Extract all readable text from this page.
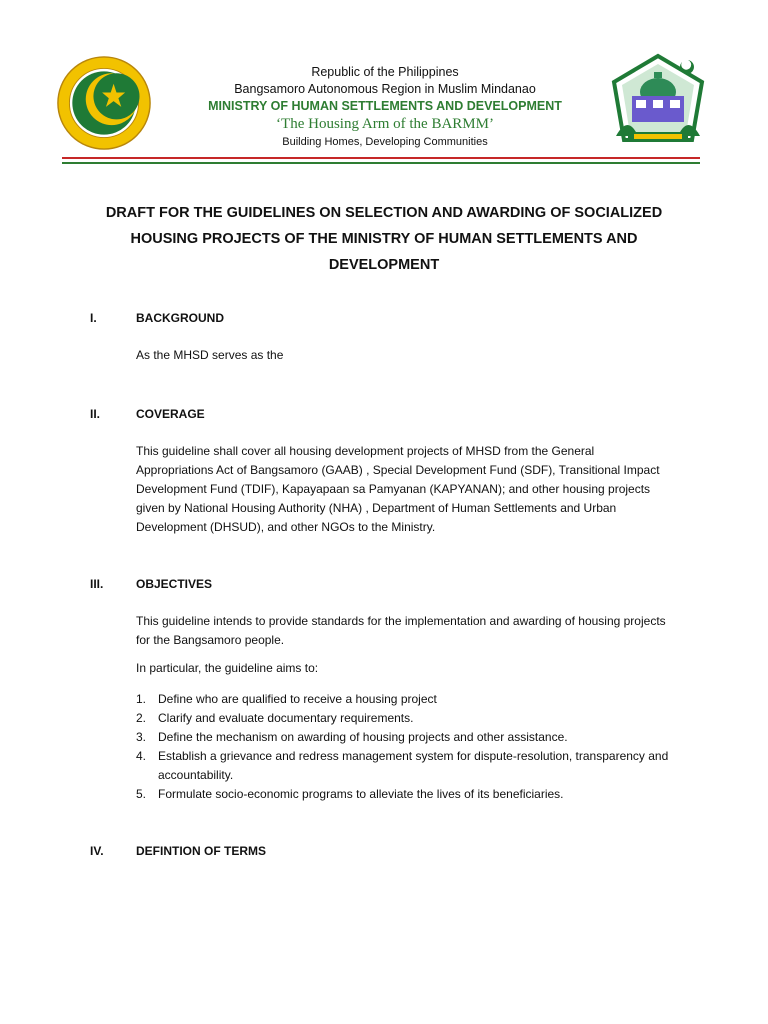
Republic of the Philippines

Bangsamoro Autonomous Region in Muslim Mindanao

MINISTRY OF HUMAN SETTLEMENTS AND DEVELOPMENT

‘The Housing Arm of the BARMM’

Building Homes, Developing Communities

DRAFT FOR THE GUIDELINES ON SELECTION AND AWARDING OF SOCIALIZED HOUSING PROJECTS OF THE MINISTRY OF HUMAN SETTLEMENTS AND DEVELOPMENT
I.	BACKGROUND

As the MHSD serves as the

II.	COVERAGE

This guideline shall cover all housing development projects of MHSD from the General Appropriations Act of Bangsamoro (GAAB) , Special Development Fund (SDF), Transitional Impact Development Fund (TDIF), Kapayapaan sa Pamyanan (KAPYANAN); and other housing projects given by National Housing Authority (NHA) , Department of Human Settlements and Urban Development (DHSUD), and other NGOs to the Ministry.

III.	OBJECTIVES

This guideline intends to provide standards for the implementation and awarding of housing projects for the Bangsamoro people.

In particular, the guideline aims to:

1. Define who are qualified to receive a housing project
2. Clarify and evaluate documentary requirements.
3. Define the mechanism on awarding of housing projects and other assistance.
4. Establish a grievance and redress management system for dispute-resolution, transparency and accountability.
5. Formulate socio-economic programs to alleviate the lives of its beneficiaries.
IV.	DEFINTION OF TERMS
